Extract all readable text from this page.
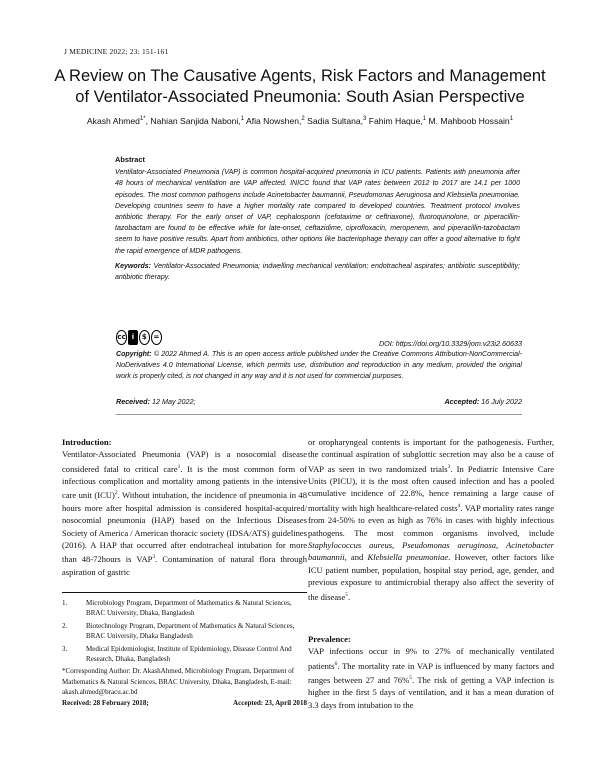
J MEDICINE 2022; 23: 151-161
A Review on The Causative Agents, Risk Factors and Management
of Ventilator-Associated Pneumonia: South Asian Perspective
Akash Ahmed$^{1*}$, Nahian Sanjida Naboni,$^1$ Afia Nowshen,$^2$ Sadia Sultana,$^3$ Fahim Haque,$^1$ M. Mahboob Hossain$^1$
Abstract
Ventilator-Associated Pneumonia (VAP) is common hospital-acquired pneumonia in ICU patients. Patients with pneumonia after 48 hours of mechanical ventilation are VAP affected. INICC found that VAP rates between 2012 to 2017 are 14.1 per 1000 episodes. The most common pathogens include Acinetobacter baumannii, Pseudomonas Aeruginosa and Klebsiella pneumoniae. Developing countries seem to have a higher mortality rate compared to developed countries. Treatment protocol involves antibiotic therapy. For the early onset of VAP, cephalosporin (cefotaxime or ceftriaxone), fluoroquinolone, or piperacillin-tazobactam are found to be effective while for late-onset, ceftazidime, ciprofloxacin, meropenem, and piperacillin-tazobactam seem to have positive results. Apart from antibiotics, other options like bacteriophage therapy can offer a good alternative to fight the rapid emergence of MDR pathogens.
Keywords: Ventilator-Associated Pneumonia; indwelling mechanical ventilation; endotracheal aspirates; antibiotic susceptibility; antibiotic therapy.
cc i	$ =
DOI: https://doi.org/10.3329/jom.v23i2.60633
Copyright: © 2022 Ahmed A. This is an open access article published under the Creative Commons Attribution-NonCommercial-NoDerivatives 4.0 International License, which permits use, distribution and reproduction in any medium, provided the original work is properly cited, is not changed in any way and it is not used for commercial purposes.
Received: 12 May 2022;	Accepted: 16 July 2022
Introduction:

Ventilator-Associated Pneumonia (VAP) is a nosocomial disease considered fatal to critical care$^1$. It is the most common form of infectious complication and mortality among patients in the intensive care unit (ICU)$^2$. Without intubation, the incidence of pneumonia in 48 hours more after hospital admission is considered hospital-acquired/ nosocomial pneumonia (HAP) based on the Infectious Diseases Society of America / American thoracic society (IDSA/ATS) guidelines (2016). A HAP that occurred after endotracheal intubation for more than 48-72hours is VAP$^3$. Contamination of natural flora through aspiration of gastric

1.	Microbiology Program, Department of Mathematics & Natural Sciences, BRAC University, Dhaka, Bangladesh
2.	Biotechnology Program, Department of Mathematics & Natural Sciences, BRAC University, Dhaka Bangladesh
3.	Medical Epidemiologist, Institute of Epidemiology, Disease Control And Research, Dhaka, Bangladesh
*Corresponding Author: Dr. AkashAhmed, Microbiology Program, Department of Mathematics & Natural Sciences, BRAC University, Dhaka, Bangladesh, E-mail: akash.ahmed@bracu.ac.bd
Received: 28 February 2018;	Accepted: 23, April 2018

or oropharyngeal contents is important for the pathogenesis. Further, the continual aspiration of subglottic secretion may also be a cause of VAP as seen in two randomized trials$^3$. In Pediatric Intensive Care Units (PICU), it is the most often caused infection and has a pooled cumulative incidence of 22.8%, hence remaining a large cause of mortality with high healthcare-related costs$^4$. VAP mortality rates range from 24-50% to even as high as 76% in cases with highly infectious pathogens. The most common organisms involved, include Staphylococcus aureus, Pseudomonas aeruginosa, Acinetobacter baumannii, and Klebsiella pneumoniae. However, other factors like ICU patient number, population, hospital stay period, age, gender, and previous exposure to antimicrobial therapy also affect the severity of the disease$^5$.

Prevalence:

VAP infections occur in 9% to 27% of mechanically ventilated patients$^6$. The mortality rate in VAP is influenced by many factors and ranges between 27 and 76%$^5$. The risk of getting a VAP infection is higher in the first 5 days of ventilation, and it has a mean duration of 3.3 days from intubation to the
